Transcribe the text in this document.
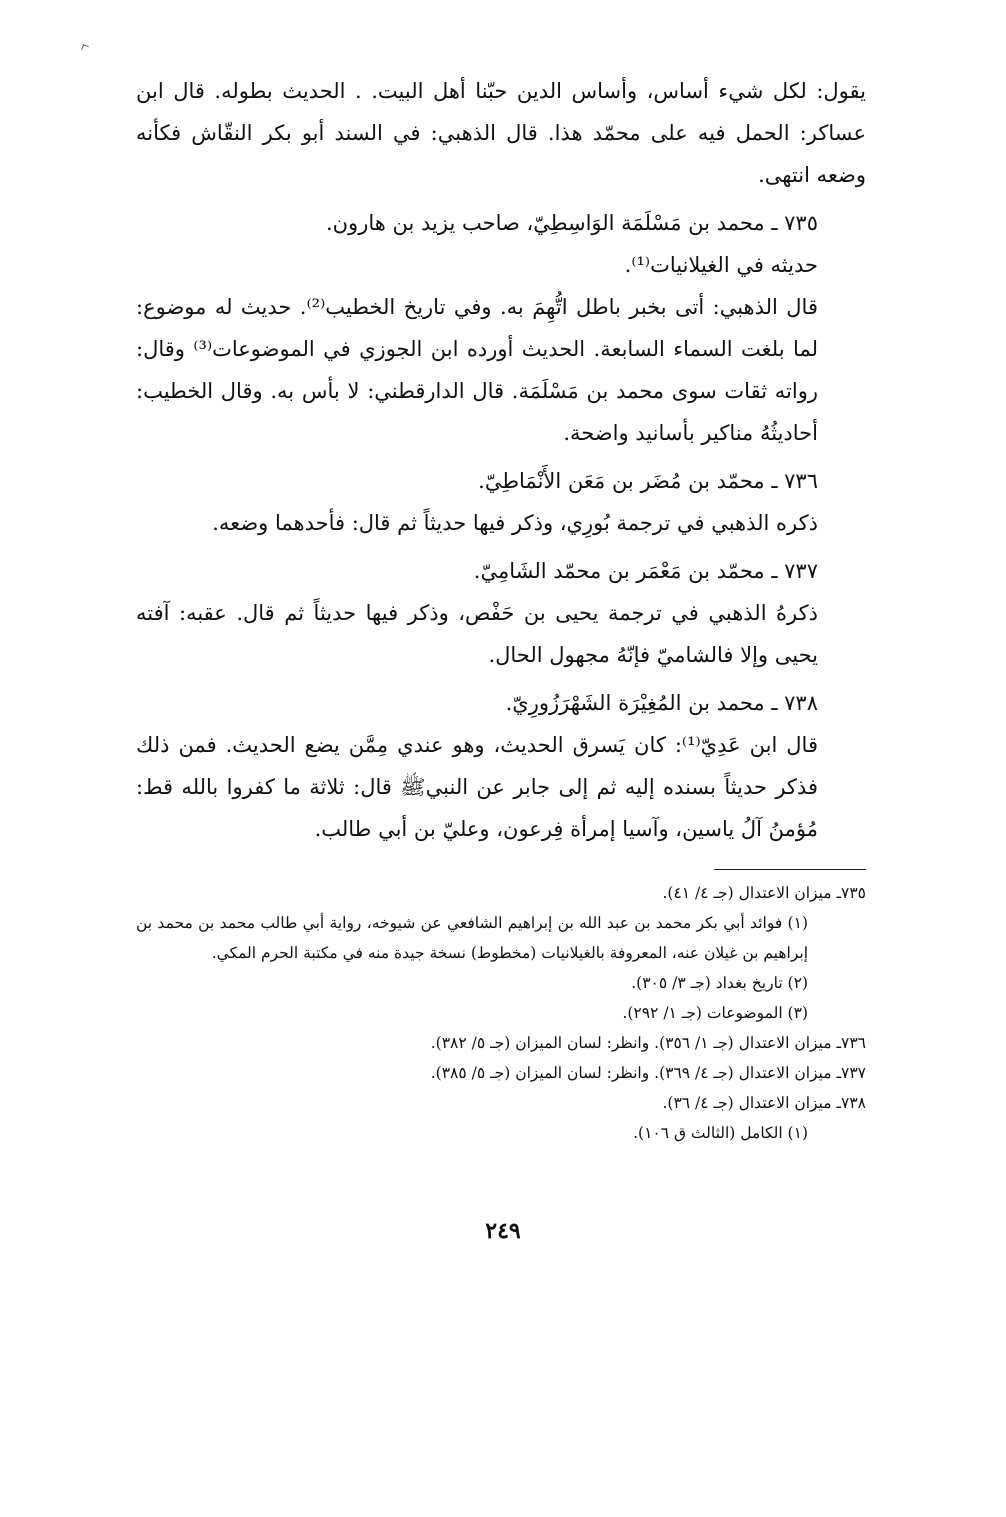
يقول: لكل شيء أساس، وأساس الدين حبّنا أهل البيت. . الحديث بطوله. قال ابن عساكر: الحمل فيه على محمّد هذا. قال الذهبي: في السند أبو بكر النقّاش فكأنه وضعه انتهى.

٧٣٥ ـ محمد بن مَسْلَمَة الوَاسِطِيّ، صاحب يزيد بن هارون.

حديثه في الغيلانيات⁽¹⁾.

قال الذهبي: أتى بخبر باطل اتُّهِمَ به. وفي تاريخ الخطيب⁽²⁾. حديث له موضوع: لما بلغت السماء السابعة. الحديث أورده ابن الجوزي في الموضوعات⁽³⁾ وقال: رواته ثقات سوى محمد بن مَسْلَمَة. قال الدارقطني: لا بأس به. وقال الخطيب: أحاديثُهُ مناكير بأسانيد واضحة.

٧٣٦ ـ محمّد بن مُضَر بن مَعَن الأَنْمَاطِيّ.

ذكره الذهبي في ترجمة بُورِي، وذكر فيها حديثاً ثم قال: فأحدهما وضعه.

٧٣٧ ـ محمّد بن مَعْمَر بن محمّد الشَامِيّ.

ذكرهُ الذهبي في ترجمة يحيى بن حَفْص، وذكر فيها حديثاً ثم قال. عقبه: آفته يحيى وإلا فالشاميّ فإنّهُ مجهول الحال.

٧٣٨ ـ محمد بن المُغِيْرَة الشَهْرَزُورِيّ.

قال ابن عَدِيّ⁽¹⁾: كان يَسرق الحديث، وهو عندي مِمَّن يضع الحديث. فمن ذلك فذكر حديثاً بسنده إليه ثم إلى جابر عن النبيﷺ قال: ثلاثة ما كفروا بالله قط: مُؤمنُ آلُ ياسين، وآسيا إمرأة فِرعون، وعليّ بن أبي طالب.

٧٣٥ـ ميزان الاعتدال (جـ ٤/ ٤١).

(١) فوائد أبي بكر محمد بن عبد الله بن إبراهيم الشافعي عن شيوخه، رواية أبي طالب محمد بن محمد بن إبراهيم بن غيلان عنه، المعروفة بالغيلانيات (مخطوط) نسخة جيدة منه في مكتبة الحرم المكي.

(٢) تاريخ بغداد (جـ ٣/ ٣٠٥).

(٣) الموضوعات (جـ ١/ ٢٩٢).

٧٣٦ـ ميزان الاعتدال (جـ ١/ ٣٥٦). وانظر: لسان الميزان (جـ ٥/ ٣٨٢).

٧٣٧ـ ميزان الاعتدال (جـ ٤/ ٣٦٩). وانظر: لسان الميزان (جـ ٥/ ٣٨٥).

٧٣٨ـ ميزان الاعتدال (جـ ٤/ ٣٦).

(١) الكامل (الثالث ق ١٠٦).

٢٤٩
